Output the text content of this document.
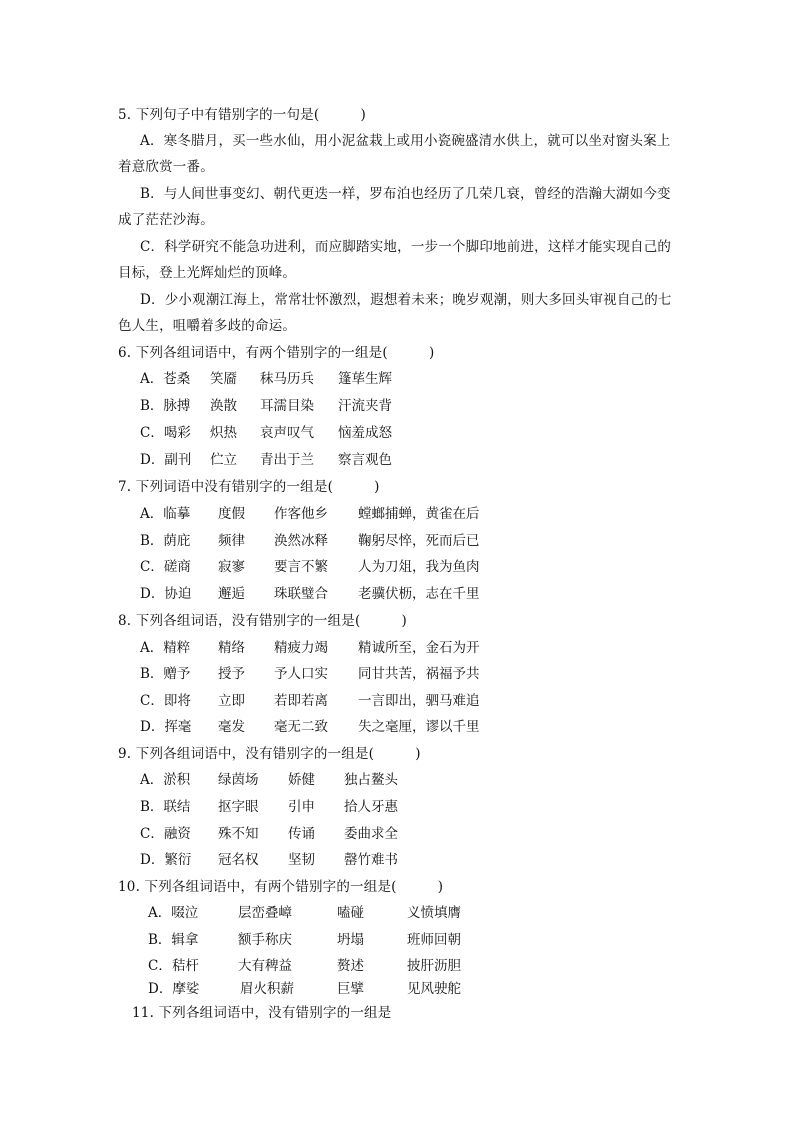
5. 下列句子中有错别字的一句是(　　　)
A．寒冬腊月，买一些水仙，用小泥盆栽上或用小瓷碗盛清水供上，就可以坐对窗头案上
着意欣赏一番。
B．与人间世事变幻、朝代更迭一样，罗布泊也经历了几荣几衰，曾经的浩瀚大湖如今变
成了茫茫沙海。
C．科学研究不能急功进利，而应脚踏实地，一步一个脚印地前进，这样才能实现自己的
目标，登上光辉灿烂的顶峰。
D．少小观潮江海上，常常壮怀激烈，遐想着未来；晚岁观潮，则大多回头审视自己的七
色人生，咀嚼着多歧的命运。
6. 下列各组词语中，有两个错别字的一组是(　　　)
A．苍桑 笑靥 秣马历兵 篷荜生辉
B．脉搏 涣散 耳濡目染 汗流夹背
C．喝彩 炽热 哀声叹气 恼羞成怒
D．副刊 伫立 青出于兰 察言观色
7. 下列词语中没有错别字的一组是(　　　)
A．临摹 度假 作客他乡 螳螂捕蝉，黄雀在后
B．荫庇 频律 涣然冰释 鞠躬尽悴，死而后已
C．磋商 寂寥 要言不繁 人为刀俎，我为鱼肉
D．协迫 邂逅 珠联璧合 老骥伏枥，志在千里
8. 下列各组词语，没有错别字的一组是(　　　)
A．精粹 精络 精疲力竭 精诚所至，金石为开
B．赠予 授予 予人口实 同甘共苦，祸福予共
C．即将 立即 若即若离 一言即出，驷马难追
D．挥毫 毫发 毫无二致 失之毫厘，谬以千里
9. 下列各组词语中，没有错别字的一组是(　　　)
A．淤积 绿茵场 娇健 独占鳌头
B．联结 抠字眼 引申 拾人牙惠
C．融资 殊不知 传诵 委曲求全
D．繁衍 冠名权 坚韧 罄竹难书
10. 下列各组词语中，有两个错别字的一组是(　　　)
A．啜泣	层峦叠嶂	嗑碰	义愤填膺
B．辑拿	额手称庆	坍塌	班师回朝
C．秸杆	大有稗益	赘述	披肝沥胆
D．摩娑	眉火积薪	巨擘	见风驶舵
11. 下列各组词语中，没有错别字的一组是
